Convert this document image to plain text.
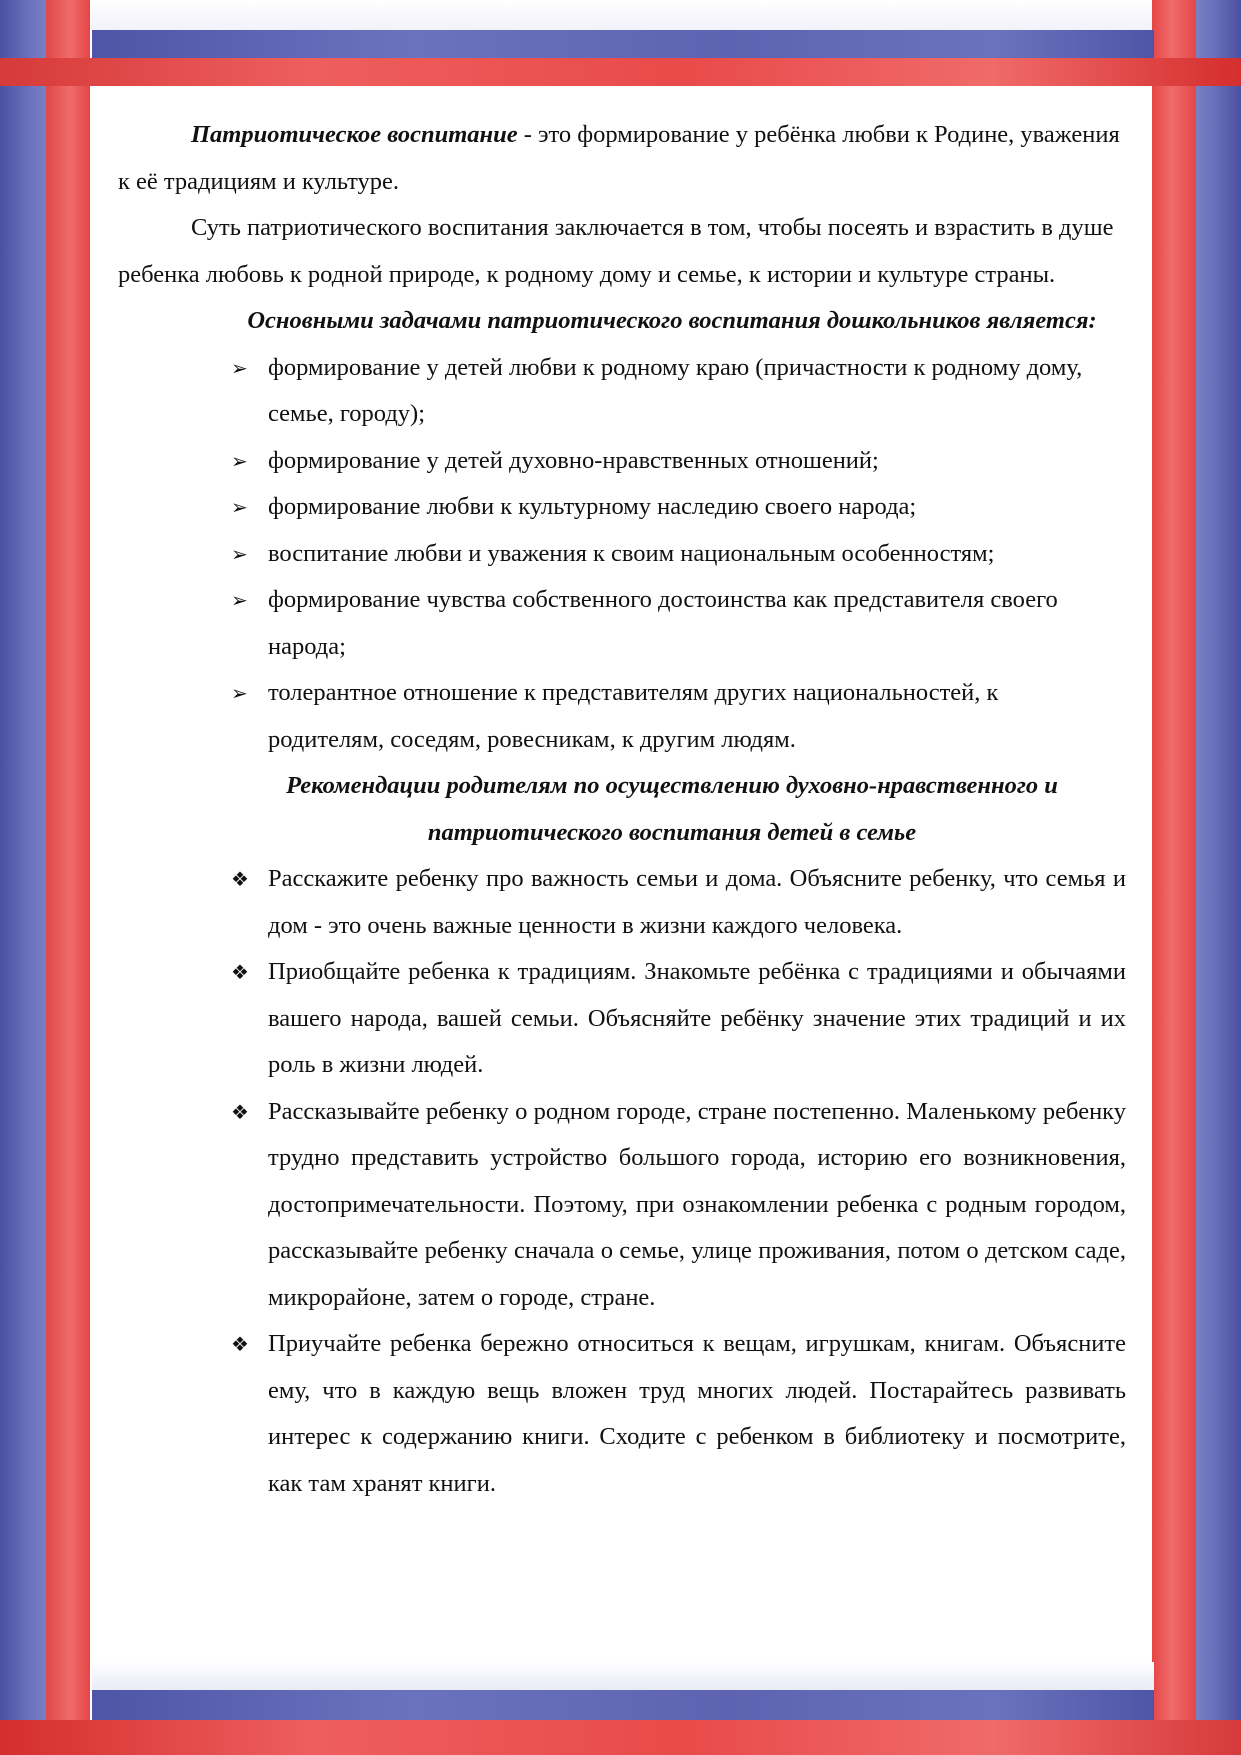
Патриотическое воспитание - это формирование у ребёнка любви к Родине, уважения к её традициям и культуре.

Суть патриотического воспитания заключается в том, чтобы посеять и взрастить в душе ребенка любовь к родной природе, к родному дому и семье, к истории и культуре страны.

Основными задачами патриотического воспитания дошкольников является:

➢ формирование у детей любви к родному краю (причастности к родному дому, семье, городу);
➢ формирование у детей духовно-нравственных отношений;
➢ формирование любви к культурному наследию своего народа;
➢ воспитание любви и уважения к своим национальным особенностям;
➢ формирование чувства собственного достоинства как представителя своего народа;
➢ толерантное отношение к представителям других национальностей, к родителям, соседям, ровесникам, к другим людям.

Рекомендации родителям по осуществлению духовно-нравственного и патриотического воспитания детей в семье

❖ Расскажите ребенку про важность семьи и дома. Объясните ребенку, что семья и дом - это очень важные ценности в жизни каждого человека.
❖ Приобщайте ребенка к традициям. Знакомьте ребёнка с традициями и обычаями вашего народа, вашей семьи. Объясняйте ребёнку значение этих традиций и их роль в жизни людей.
❖ Рассказывайте ребенку о родном городе, стране постепенно. Маленькому ребенку трудно представить устройство большого города, историю его возникновения, достопримечательности. Поэтому, при ознакомлении ребенка с родным городом, рассказывайте ребенку сначала о семье, улице проживания, потом о детском саде, микрорайоне, затем о городе, стране.
❖ Приучайте ребенка бережно относиться к вещам, игрушкам, книгам. Объясните ему, что в каждую вещь вложен труд многих людей. Постарайтесь развивать интерес к содержанию книги. Сходите с ребенком в библиотеку и посмотрите, как там хранят книги.
